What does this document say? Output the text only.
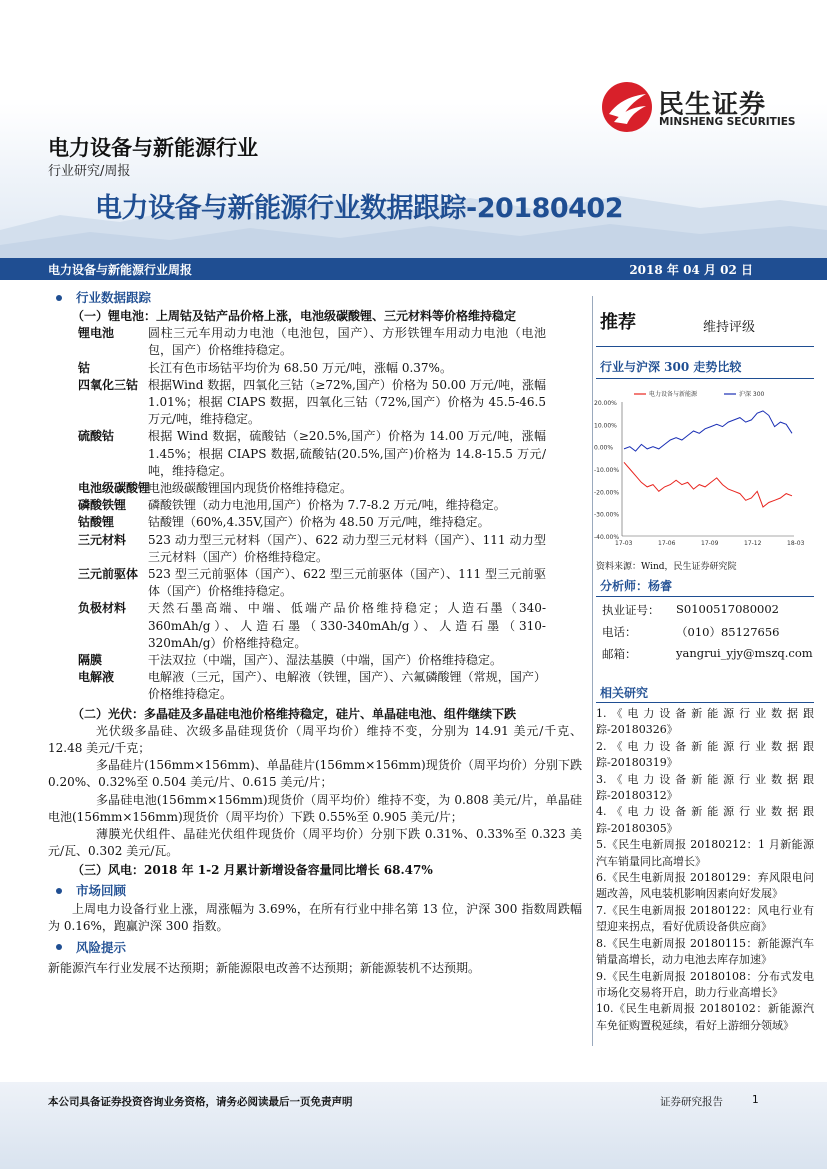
民生证券
MINSHENG SECURITIES
电力设备与新能源行业
行业研究/周报
电力设备与新能源行业数据跟踪-20180402
电力设备与新能源行业周报	2018 年 04 月 02 日
行业数据跟踪
（一）锂电池：上周钴及钴产品价格上涨，电池级碳酸锂、三元材料等价格维持稳定
锂电池	圆柱三元车用动力电池（电池包，国产）、方形铁锂车用动力电池（电池包，国产）价格维持稳定。
钴	长江有色市场钴平均价为 68.50 万元/吨，涨幅 0.37%。
四氧化三钴 根据Wind 数据，四氧化三钴（≥72%,国产）价格为 50.00 万元/吨，涨幅 1.01%；根据 CIAPS 数据，四氧化三钴（72%,国产）价格为 45.5-46.5 万元/吨，维持稳定。
硫酸钴	根据 Wind 数据，硫酸钴（≥20.5%,国产）价格为 14.00 万元/吨，涨幅 1.45%；根据 CIAPS 数据,硫酸钴(20.5%,国产)价格为 14.8-15.5 万元/吨，维持稳定。
电池级碳酸锂
电池级碳酸锂国内现货价格维持稳定。
磷酸铁锂	磷酸铁锂（动力电池用,国产）价格为 7.7-8.2 万元/吨，维持稳定。
钴酸锂	钴酸锂（60%,4.35V,国产）价格为 48.50 万元/吨，维持稳定。
三元材料	523 动力型三元材料（国产）、622 动力型三元材料（国产）、111 动力型三元材料（国产）价格维持稳定。
三元前驱体 523 型三元前驱体（国产）、622 型三元前驱体（国产）、111 型三元前驱体（国产）价格维持稳定。
负极材料	天然石墨高端、中端、低端产品价格维持稳定；人造石墨（340-360mAh/g）、人造石墨（330-340mAh/g）、人造石墨（310-320mAh/g）价格维持稳定。
隔膜	干法双拉（中端，国产）、湿法基膜（中端，国产）价格维持稳定。
电解液	电解液（三元，国产）、电解液（铁锂，国产）、六氟磷酸锂（常规，国产）价格维持稳定。
（二）光伏：多晶硅及多晶硅电池价格维持稳定，硅片、单晶硅电池、组件继续下跌
光伏级多晶硅、次级多晶硅现货价（周平均价）维持不变，分别为 14.91 美元/千克、12.48 美元/千克；
多晶硅片(156mm×156mm)、单晶硅片(156mm×156mm)现货价（周平均价）分别下跌 0.20%、0.32%至 0.504 美元/片、0.615 美元/片；
多晶硅电池(156mm×156mm)现货价（周平均价）维持不变，为 0.808 美元/片，单晶硅电池(156mm×156mm)现货价（周平均价）下跌 0.55%至 0.905 美元/片；
薄膜光伏组件、晶硅光伏组件现货价（周平均价）分别下跌 0.31%、0.33%至 0.323 美元/瓦、0.302 美元/瓦。
（三）风电：2018 年 1-2 月累计新增设备容量同比增长 68.47%
市场回顾
上周电力设备行业上涨，周涨幅为 3.69%，在所有行业中排名第 13 位，沪深 300 指数周跌幅为 0.16%，跑赢沪深 300 指数。
风险提示
新能源汽车行业发展不达预期；新能源限电改善不达预期；新能源装机不达预期。
推荐	维持评级
行业与沪深 300 走势比较
20.00%
10.00%
0.00%
-10.00%
-20.00%
-30.00%
-40.00%
17-03	17-06	17-09	17-12	18-03
电力设备与新能源	沪深 300
资料来源：Wind，民生证券研究院
分析师：杨睿
执业证号： S0100517080002
电话：	（010）85127656
邮箱：	yangrui_yjy@mszq.com
相关研究
1.《电力设备新能源行业数据跟踪-20180326》
2.《电力设备新能源行业数据跟踪-20180319》
3.《电力设备新能源行业数据跟踪-20180312》
4.《电力设备新能源行业数据跟踪-20180305》
5.《民生电新周报 20180212：1 月新能源汽车销量同比高增长》
6.《民生电新周报 20180129：弃风限电问题改善，风电装机影响因素向好发展》
7.《民生电新周报 20180122：风电行业有望迎来拐点，看好优质设备供应商》
8.《民生电新周报 20180115：新能源汽车销量高增长，动力电池去库存加速》
9.《民生电新周报 20180108：分布式发电市场化交易将开启，助力行业高增长》
10.《民生电新周报 20180102：新能源汽车免征购置税延续，看好上游细分领域》
本公司具备证券投资咨询业务资格，请务必阅读最后一页免责声明	证券研究报告	1
